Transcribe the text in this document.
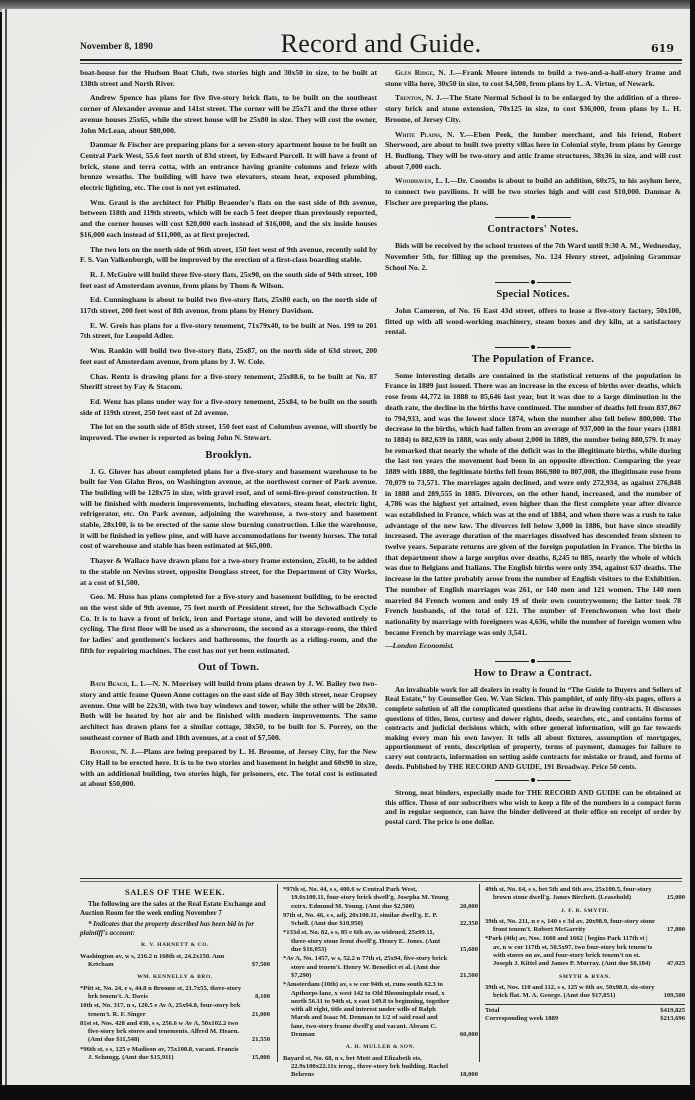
November 8, 1890	Record and Guide.	619

boat-house for the Hudson Boat Club, two stories high and 30x50 in size, to be built at 138th street and North River.

Andrew Spence has plans for five five-story brick flats, to be built on the southeast corner of Alexander avenue and 141st street. The corner will be 25x71 and the three other avenue houses 25x65, while the street house will be 25x80 in size. They will cost the owner, John McLean, about $80,000.

Danmar & Fischer are preparing plans for a seven-story apartment house to be built on Central Park West, 55.6 feet north of 83d street, by Edward Purcell. It will have a front of brick, stone and terra cotta, with an entrance having granite columns and frieze with bronze wreaths. The building will have two elevators, steam heat, exposed plumbing, electric lighting, etc. The cost is not yet estimated.

Wm. Graul is the architect for Philip Braender's flats on the east side of 8th avenue, between 118th and 119th streets, which will be each 5 feet deeper than previously reported, and the corner houses will cost $20,000 each instead of $16,000, and the six inside houses $16,000 each instead of $11,000, as at first projected.

The two lots on the north side of 96th street, 150 feet west of 9th avenue, recently sold by F. S. Van Valkenburgh, will be improved by the erection of a first-class boarding stable.

R. J. McGuire will build three five-story flats, 25x90, on the south side of 94th street, 100 feet east of Amsterdam avenue, from plans by Thom & Wilson.

Ed. Cunningham is about to build two five-story flats, 25x80 each, on the north side of 117th street, 200 feet west of 8th avenue, from plans by Henry Davidson.

E. W. Greis has plans for a five-story tenement, 71x79x40, to be built at Nos. 199 to 201 7th street, for Leopold Adler.

Wm. Rankin will build two five-story flats, 25x87, on the north side of 63d street, 200 feet east of Amsterdam avenue, from plans by J. W. Cole.

Chas. Rentz is drawing plans for a five-story tenement, 25x88.6, to be built at No. 87 Sheriff street by Fay & Stacom.

Ed. Wenz has plans under way for a five-story tenement, 25x84, to be built on the south side of 119th street, 250 feet east of 2d avenue.

The lot on the south side of 85th street, 150 feet east of Columbus avenue, will shortly be improved. The owner is reported as being John N. Stewart.

Brooklyn.

J. G. Glover has about completed plans for a five-story and basement warehouse to be built for Von Glahn Bros, on Washington avenue, at the northwest corner of Park avenue. The building will be 128x75 in size, with gravel roof, and of semi-fire-proof construction. It will be finished with modern improvements, including elevators, steam heat, electric light, refrigerator, etc. On Park avenue, adjoining the warehouse, a two-story and basement stable, 28x100, is to be erected of the same slow burning construction. Like the warehouse, it will be finished in yellow pine, and will have accommodations for twenty horses. The total cost of warehouse and stable has been estimated at $65,000.

Thayer & Wallace have drawn plans for a two-story frame extension, 25x40, to be added to the stable on Nevins street, opposite Douglass street, for the Department of City Works, at a cost of $1,500.

Geo. M. Huss has plans completed for a five-story and basement building, to be erected on the west side of 9th avenue, 75 feet north of President street, for the Schwalbach Cycle Co. It is to have a front of brick, iron and Portage stone, and will be devoted entirely to cycling. The first floor will be used as a showroom, the second as a storage-room, the third for ladies' and gentlemen's lockers and bathrooms, the fourth as a riding-room, and the fifth for repairing machines. The cost has not yet been estimated.

Out of Town.

Bath Beach, L. I.—N. N. Morrisey will build from plans drawn by J. W. Bailey two two-story and attic frame Queen Anne cottages on the east side of Bay 30th street, near Cropsey avenue. One will be 22x30, with two bay windows and tower, while the other will be 20x30. Both will be heated by hot air and be finished with modern improvements. The same architect has drawn plans for a similar cottage, 38x50, to be built for S. Porrey, on the southeast corner of Bath and 18th avenues, at a cost of $7,500.

Bayonne, N. J.—Plans are being prepared by L. H. Broome, of Jersey City, for the New City Hall to be erected here. It is to be two stories and basement in height and 60x90 in size, with an additional building, two stories high, for prisoners, etc. The total cost is estimated at about $50,000.

Glen Ridge, N. J.—Frank Moore intends to build a two-and-a-half-story frame and stone villa here, 30x50 in size, to cost $4,500, from plans by L. A. Virtue, of Newark.

Trenton, N. J.—The State Normal School is to be enlarged by the addition of a three-story brick and stone extension, 70x125 in size, to cost $36,000, from plans by L. H. Broome, of Jersey City.

White Plains, N. Y.—Eben Peek, the lumber merchant, and his friend, Robert Sherwood, are about to built two pretty villas here in Colonial style, from plans by George H. Budlong. They will be two-story and attic frame structures, 38x36 in size, and will cost about 7,000 each.

Woodhaven, L. I.—Dr. Coombs is about to build an addition, 60x75, to his asylum here, to connect two pavilions. It will be two stories high and will cost $10,000. Danmar & Fischer are preparing the plans.

Contractors' Notes.

Bids will be received by the school trustees of the 7th Ward until 9:30 A. M., Wednesday, November 5th, for filling up the premises, No. 124 Henry street, adjoining Grammar School No. 2.

Special Notices.

John Cameron, of No. 16 East 43d street, offers to lease a five-story factory, 50x100, fitted up with all wood-working machinery, steam boxes and dry kiln, at a satisfactory rental.

The Population of France.

Some interesting details are contained in the statistical returns of the population in France in 1889 just issued. There was an increase in the excess of births over deaths, which rose from 44,772 in 1888 to 85,646 last year, but it was due to a large diminution in the death rate, the decline in the births have continued. The number of deaths fell from 837,867 to 794,933, and was the lowest since 1874, when the number also fell below 800,000. The decrease in the births, which had fallen from an average of 937,000 in the four years (1881 to 1884) to 882,639 in 1888, was only about 2,000 in 1889, the number being 880,579. It may be remarked that nearly the whole of the deficit was in the illegitimate births, while during the last ten years the movement had been in an opposite direction. Comparing the year 1889 with 1880, the legitimate births fell from 866,980 to 807,008, the illegitimate rose from 70,079 to 73,571. The marriages again declined, and were only 272,934, as against 276,848 in 1888 and 289,555 in 1885. Divorces, on the other hand, increased, and the number of 4,786 was the highest yet attained, even higher than the first complete year after divorce was established in France, which was at the end of 1884, and when there was a rush to take advantage of the new law. The divorces fell below 3,000 in 1886, but have since steadily increased. The average duration of the marriages dissolved has descended from sixteen to twelve years. Separate returns are given of the foreign population in France. The births in that department show a large surplus over deaths, 8,245 to 885, nearly the whole of which was due to Belgians and Italians. The English births were only 394, against 637 deaths. The increase in the latter probably arose from the number of English visitors to the Exhibition. The number of English marriages was 261, or 140 men and 121 women. The 140 men married 84 French women and only 19 of their own countrywomen; the latter took 78 French husbands, of the total of 121. The number of Frenchwomen who lost their nationality by marriage with foreigners was 4,636, while the number of foreign women who became French by marriage was only 3,541.

—London Economist.

How to Draw a Contract.

An invaluable work for all dealers in realty is found in “The Guide to Buyers and Sellers of Real Estate,” by Counsellor Geo. W. Van Siclen. This pamphlet, of only fifty-six pages, offers a complete solution of all the complicated questions that arise in drawing contracts. It discusses questions of titles, liens, curtesy and dower rights, deeds, searches, etc., and contains forms of contracts and judicial decisions which, with other general information, will go far towards making every man his own lawyer. It tells all about fixtures, assumption of mortgages, apportionment of rents, description of property, terms of payment, damages for failure to carry out contracts, information on setting aside contracts for mistake or fraud, and forms of deeds. Published by THE RECORD AND GUIDE, 191 Broadway. Price 50 cents.

Strong, neat binders, especially made for THE RECORD AND GUIDE can be obtained at this office. Those of our subscribers who wish to keep a file of the numbers in a compact form and in regular sequence, can have the binder delivered at their office on receipt of order by postal card. The price is one dollar.

SALES OF THE WEEK.
The following are the sales at the Real Estate Exchange and Auction Room for the week ending November 7
* Indicates that the property described has been bid in for plaintiff's account:
R. V. HARNETT & CO.
Washington av, w s, 216.2 n 168th st, 24.2x150. Ann Ketcham	$7,500
WM. KENNELLY & BRO.
*Pitt st, No. 24, e s, 44.8 n Broome st, 21.7x55, three-story brk tenem't. A. Davis	8,100
10th st, No. 317, n s, 120.5 e Av A, 25x94.8, four-story brk tenem't. R. F. Singer	21,000
81st st, Nos. 428 and 430, s s, 256.6 w Av A, 50x102.2 two five-story brk stores and tenements. Alfred M. Hearn. (Amt due $11,548)	21,550
*96th st, s s, 125 e Madison av, 75x100.8, vacant. Francis J. Schnugg. (Amt due $15,911)	15,000
*97th st, No. 44, s s, 400.6 w Central Park West, 19.6x100.11, four-story brick dwell'g. Josepha M. Young extrx. Edmund M. Young. (Amt due $2,500)	20,000
97th st, No. 46, s s, adj, 20x100.11, similar dwell'g. E. P. Schell. (Amt due $10,950)	22,350
*133d st, No. 82, s s, 85 e 6th av, as widened, 25x99.11, three-story stone front dwell'g. Henry E. Jones. (Amt due $16,053)	15,600
*Av A, No. 1457, w s, 52.2 n 77th st, 25x94, five-story brick store and tenem't. Henry W. Benedict et al. (Amt due $7,290)	21,500
*Amsterdam (10th) av, s w cor 94th st, runs south 62.3 to Apthorps lane, x west 142 to Old Bloomingdale road, x north 56.11 to 94th st, x east 149.8 to beginning, together with all right, title and interest under wills of Ralph Marsh and Isaac M. Denman to 1/2 of said road and lane, two-story frame dwell'g and vacant. Abram C. Denman	60,000
A. H. MULLER & SON.
Bayard st, No. 68, n s, bet Mott and Elizabeth sts, 22.9x100x22.11x irreg., three-story brk building. Rachel Behrens	18,000
49th st, No. 64, s s, bet 5th and 6th avs, 25x100.5, four-story brown stone dwell'g. James Birchett. (Leasehold)	15,000
J. F. B. SMYTH.
39th st, No. 211, n e s, 140 s e 3d av, 20x98.9, four-story stone front tenem't. Robert McGarrity	17,800
*Park (4th) av, Nos. 1660 and 1662 | begins Park 117th st | av, n w cor 117th st, 50.5x97, two four-story brk tenem'ts with stores on av, and four-story brick tenem't on st. Joseph J. Kittel and James P. Murray. (Amt due $8,184)	47,025
SMYTH & RYAN.
39th st, Nos. 110 and 112, s s, 125 w 6th av, 50x98.9, six-story brick flat. M. A. George. (Amt due $17,851)	109,500
Total	$419,825
Corresponding week 1889	$213,696
